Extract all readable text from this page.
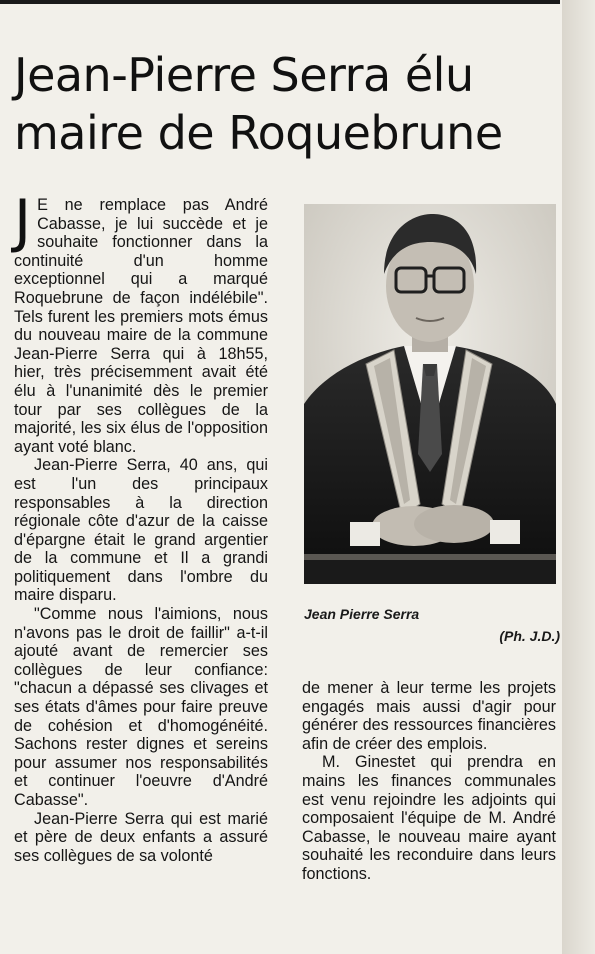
Jean-Pierre Serra élu
maire de Roquebrune

J E ne remplace pas André Cabasse, je lui succède et je souhaite fonctionner dans la continuité d'un homme exceptionnel qui a marqué Roquebrune de façon indélébile". Tels furent les premiers mots émus du nouveau maire de la commune Jean-Pierre Serra qui à 18h55, hier, très précisemment avait été élu à l'unanimité dès le premier tour par ses collègues de la majorité, les six élus de l'opposition ayant voté blanc.

Jean-Pierre Serra, 40 ans, qui est l'un des principaux responsables à la direction régionale côte d'azur de la caisse d'épargne était le grand argentier de la commune et Il a grandi politiquement dans l'ombre du maire disparu.

"Comme nous l'aimions, nous n'avons pas le droit de faillir" a-t-il ajouté avant de remercier ses collègues de leur confiance: "chacun a dépassé ses clivages et ses états d'âmes pour faire preuve de cohésion et d'homogénéité. Sachons rester dignes et sereins pour assumer nos responsabilités et continuer l'oeuvre d'André Cabasse".

Jean-Pierre Serra qui est marié et père de deux enfants a assuré ses collègues de sa volonté

Jean Pierre Serra
(Ph. J.D.)

de mener à leur terme les projets engagés mais aussi d'agir pour générer des ressources financières afin de créer des emplois.

M. Ginestet qui prendra en mains les finances communales est venu rejoindre les adjoints qui composaient l'équipe de M. André Cabasse, le nouveau maire ayant souhaité les reconduire dans leurs fonctions.
